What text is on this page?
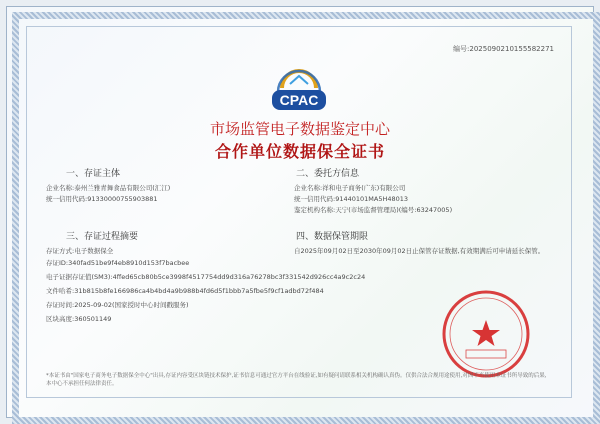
编号:2025090210155582271
CPAC
市场监管电子数据鉴定中心
合作单位数据保全证书
一、存证主体
企业名称:泰州兰雅青舞食品有限公司(汇江)
统一信用代码:91330000755903881
二、委托方信息
企业名称:祥和电子商务(广东)有限公司
统一信用代码:91440101MA5H48013
鉴定机构名称:天宁(市场监督管理局)(编号:63247005)
三、存证过程摘要
存证方式:电子数据保全
存证ID:340fad51be9f4eb8910d153f7bacbee
电子证据存证值(SM3):4ffed65cb80b5ce3998f4517754dd9d316a76278bc3f331542d926cc4a9c2c24
文件哈希:31b815b8fe166986ca4b4bd4a9b988b4fd6d5f1bbb7a5fbe5f9cf1adbd72f484
存证时间:2025-09-02(国家授时中心时间戳服务)
区块高度:360501149
四、数据保管期限
自2025年09月02日至2030年09月02日止保管存证数据,有效期满后可申请延长保管。
*本证书由"国家电子商务电子数据保全中心"出具,存证内容受区块链技术保护,证书信息可通过官方平台在线验证,如有疑问请联系相关机构确认真伪。仅供合法合规用途使用,对因不当使用本证书所导致的后果,本中心不承担任何法律责任。
